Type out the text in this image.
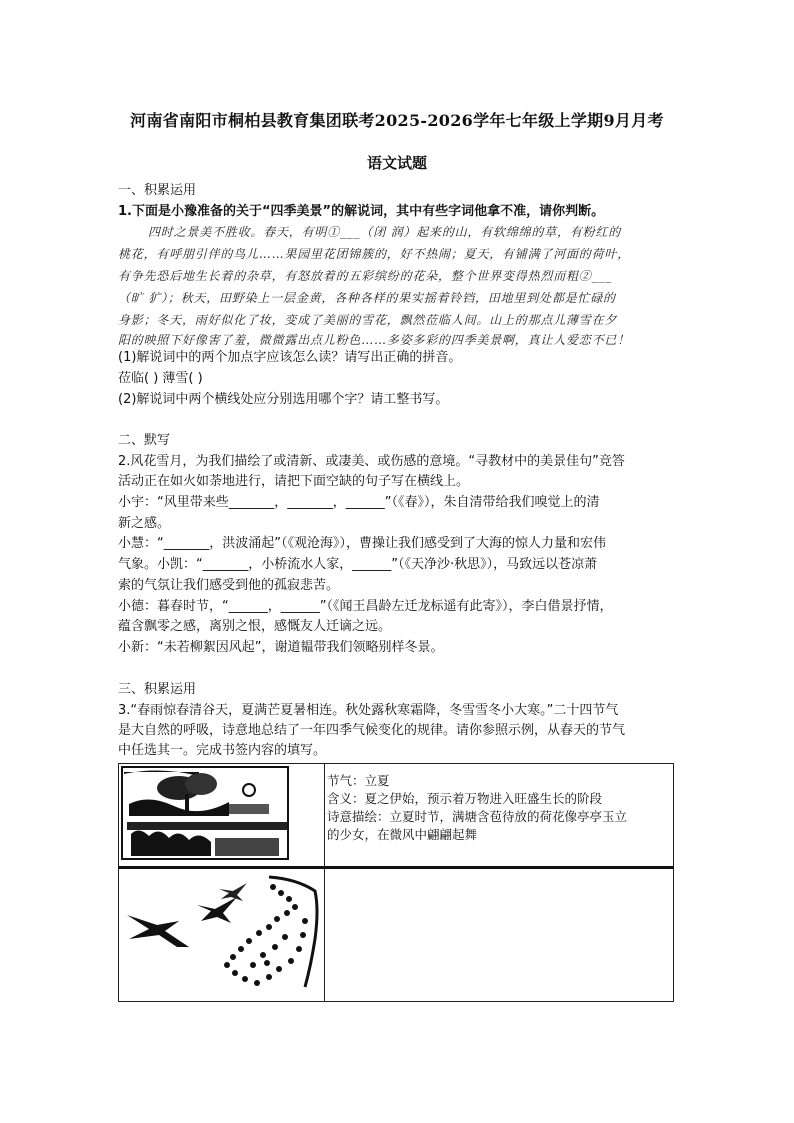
河南省南阳市桐柏县教育集团联考2025-2026学年七年级上学期9月月考
语文试题
一、积累运用
1.下面是小豫准备的关于“四季美景”的解说词，其中有些字词他拿不准，请你判断。
四时之景美不胜收。春天，有明①___（闭 润）起来的山，有软绵绵的草，有粉红的
桃花，有呼朋引伴的鸟儿……果园里花团锦簇的，好不热闹；夏天，有铺满了河面的荷叶，
有争先恐后地生长着的杂草，有怒放着的五彩缤纷的花朵，整个世界变得热烈而粗②___
（旷 犷）；秋天，田野染上一层金黄，各种各样的果实摇着铃铛，田地里到处都是忙碌的
身影；冬天，雨好似化了妆，变成了美丽的雪花，飘然莅临人间。山上的那点儿薄雪在夕
阳的映照下好像害了羞，微微露出点儿粉色……多姿多彩的四季美景啊，真让人爱恋不已！
(1)解说词中的两个加点字应该怎么读？请写出正确的拼音。
莅临( ) 薄雪( )
(2)解说词中两个横线处应分别选用哪个字？请工整书写。
二、默写
2.风花雪月，为我们描绘了或清新、或凄美、或伤感的意境。“寻教材中的美景佳句”竞答
活动正在如火如荼地进行，请把下面空缺的句子写在横线上。
小宇：“风里带来些_______，_______，______”（《春》），朱自清带给我们嗅觉上的清
新之感。
小慧：“_______，洪波涌起”（《观沧海》），曹操让我们感受到了大海的惊人力量和宏伟
气象。小凯：“_______，小桥流水人家，______”（《天净沙·秋思》），马致远以苍凉萧
索的气氛让我们感受到他的孤寂悲苦。
小德：暮春时节，“______，______”（《闻王昌龄左迁龙标遥有此寄》），李白借景抒情，
蕴含飘零之感，离别之恨，感慨友人迁谪之远。
小新：“未若柳絮因风起”，谢道韫带我们领略别样冬景。
三、积累运用
3.“春雨惊春清谷天，夏满芒夏暑相连。秋处露秋寒霜降，冬雪雪冬小大寒。”二十四节气
是大自然的呼吸，诗意地总结了一年四季气候变化的规律。请你参照示例，从春天的节气
中任选其一。完成书签内容的填写。

节气：立夏
含义：夏之伊始，预示着万物进入旺盛生长的阶段
诗意描绘：立夏时节，满塘含苞待放的荷花像亭亭玉立
的少女，在微风中翩翩起舞
